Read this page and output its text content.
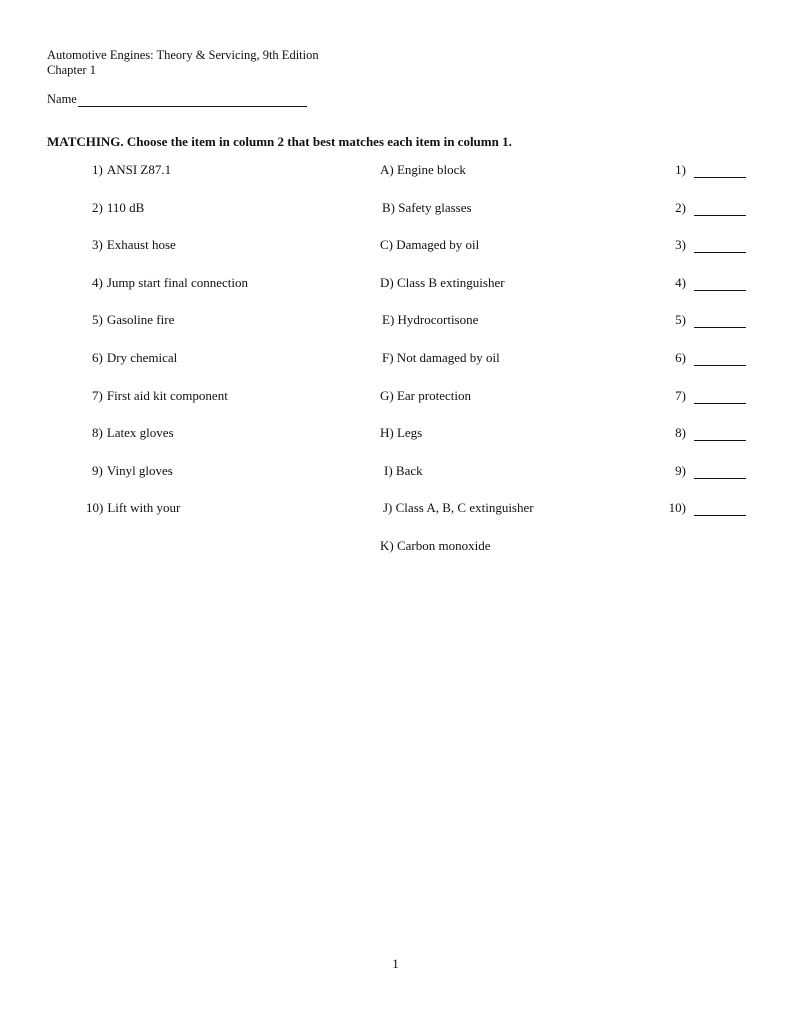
Automotive Engines: Theory & Servicing, 9th Edition
Chapter 1
Name
MATCHING. Choose the item in column 2 that best matches each item in column 1.
1) ANSI Z87.1	A) Engine block	1)
2) 110 dB	B) Safety glasses	2)
3) Exhaust hose	C) Damaged by oil	3)
4) Jump start final connection	D) Class B extinguisher	4)
5) Gasoline fire	E) Hydrocortisone	5)
6) Dry chemical	F) Not damaged by oil	6)
7) First aid kit component	G) Ear protection	7)
8) Latex gloves	H) Legs	8)
9) Vinyl gloves	I) Back	9)
10) Lift with your	J) Class A, B, C extinguisher	10)
K) Carbon monoxide
1
